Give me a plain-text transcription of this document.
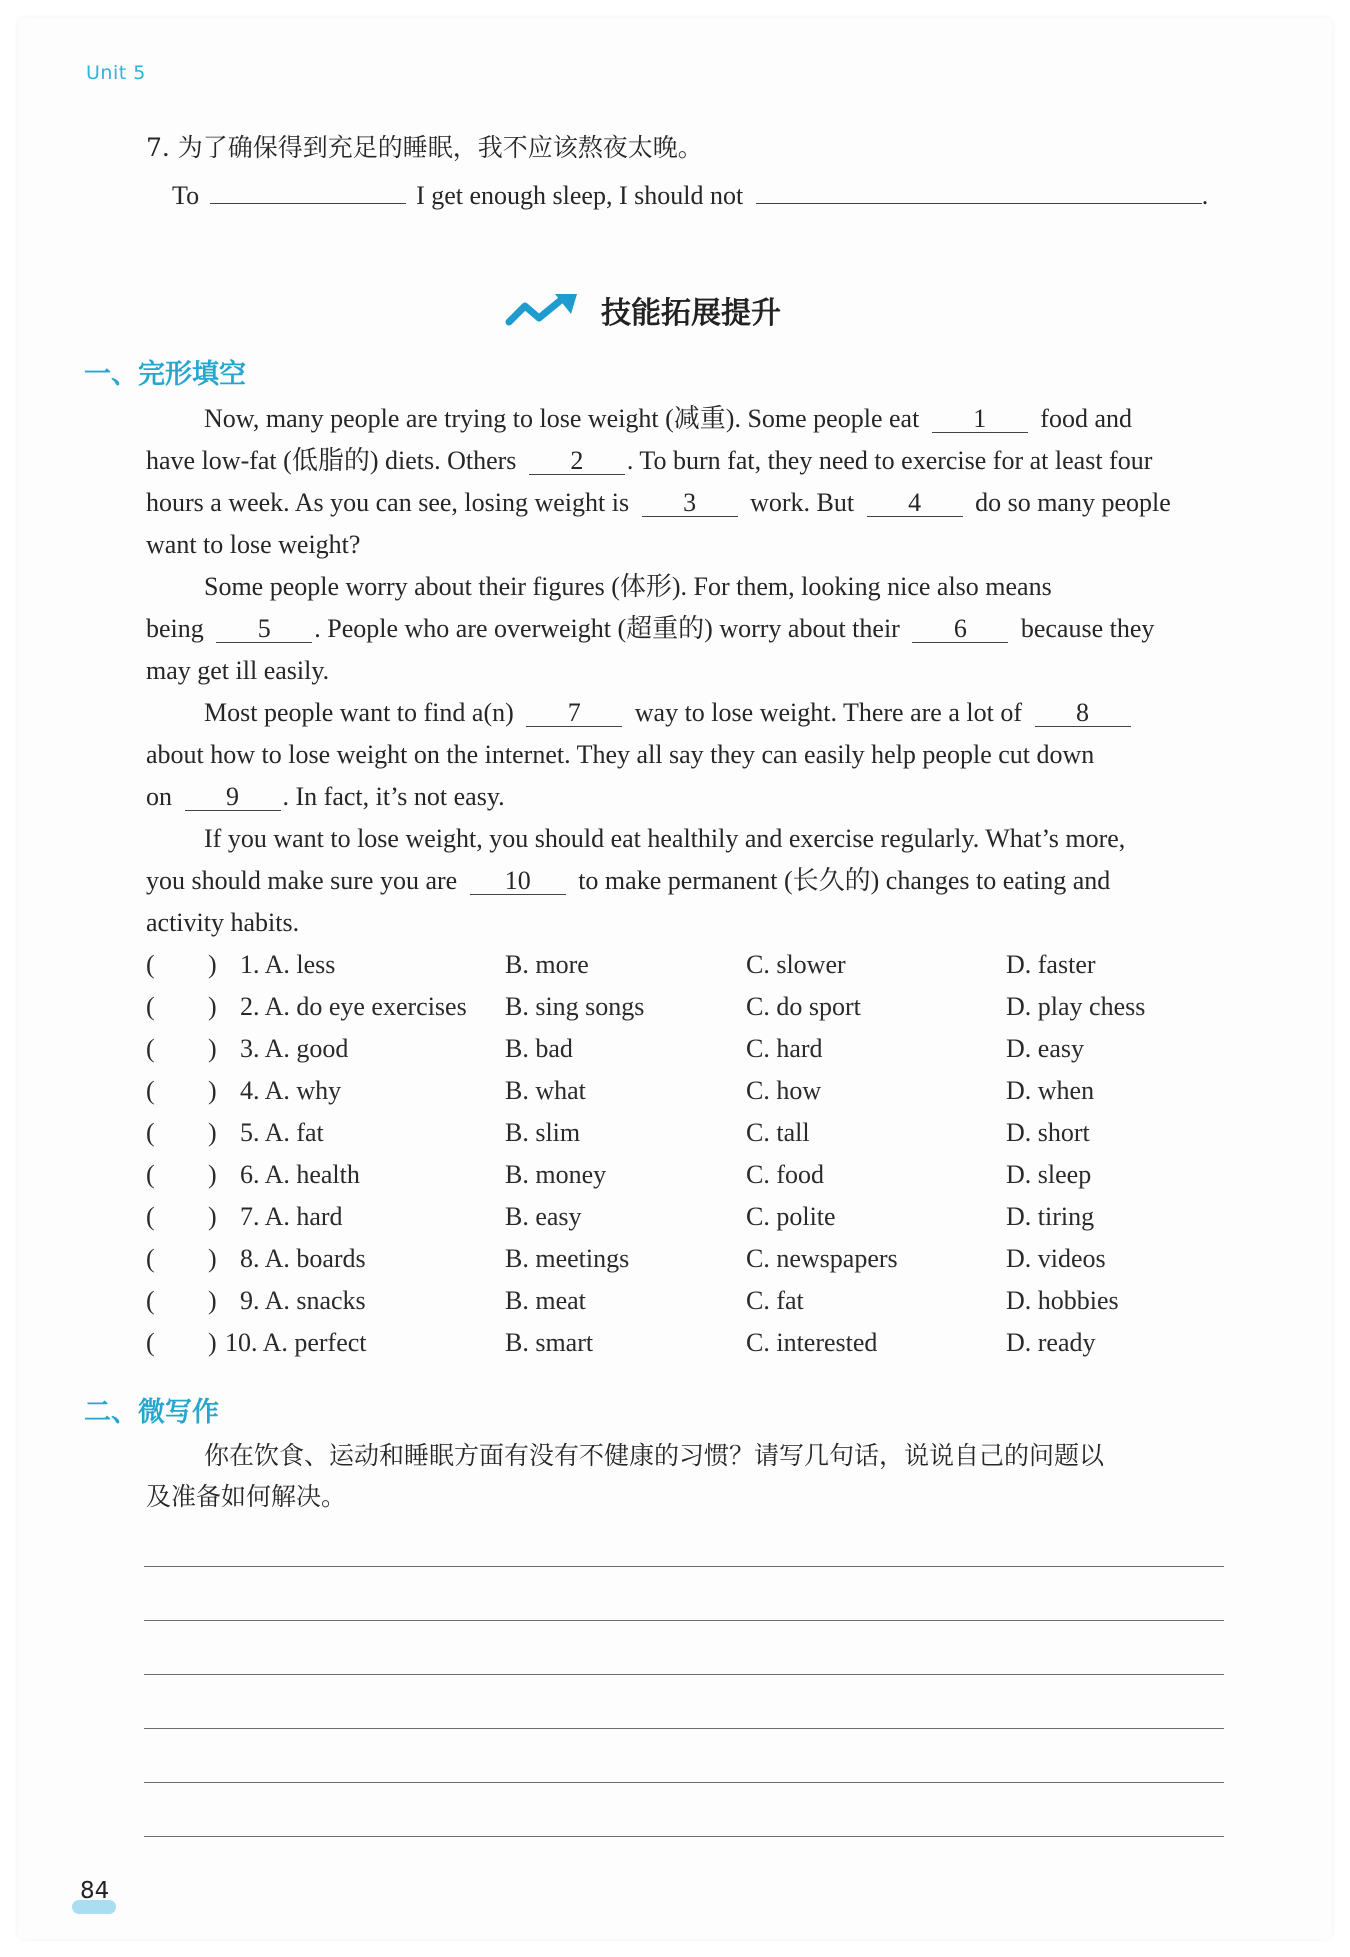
Unit 5
7. 为了确保得到充足的睡眠，我不应该熬夜太晚。
To	I get enough sleep, I should not	.
技能拓展提升
一、完形填空
Now, many people are trying to lose weight (减重). Some people eat 1 food and
have low-fat (低脂的) diets. Others 2 . To burn fat, they need to exercise for at least four
hours a week. As you can see, losing weight is 3 work. But 4 do so many people
want to lose weight?
Some people worry about their figures (体形). For them, looking nice also means
being 5 . People who are overweight (超重的) worry about their 6 because they
may get ill easily.
Most people want to find a(n) 7 way to lose weight. There are a lot of 8
about how to lose weight on the internet. They all say they can easily help people cut down
on 9 . In fact, it’s not easy.
If you want to lose weight, you should eat healthily and exercise regularly. What’s more,
you should make sure you are 10 to make permanent (长久的) changes to eating and
activity habits.
( ) 1. A. less	B. more	C. slower	D. faster
( ) 2. A. do eye exercises B. sing songs	C. do sport	D. play chess
( ) 3. A. good	B. bad	C. hard	D. easy
( ) 4. A. why	B. what	C. how	D. when
( ) 5. A. fat	B. slim	C. tall	D. short
( ) 6. A. health	B. money	C. food	D. sleep
( ) 7. A. hard	B. easy	C. polite	D. tiring
( ) 8. A. boards	B. meetings	C. newspapers	D. videos
( ) 9. A. snacks	B. meat	C. fat	D. hobbies
( ) 10. A. perfect	B. smart	C. interested	D. ready
二、微写作
你在饮食、运动和睡眠方面有没有不健康的习惯？请写几句话，说说自己的问题以
及准备如何解决。
84
